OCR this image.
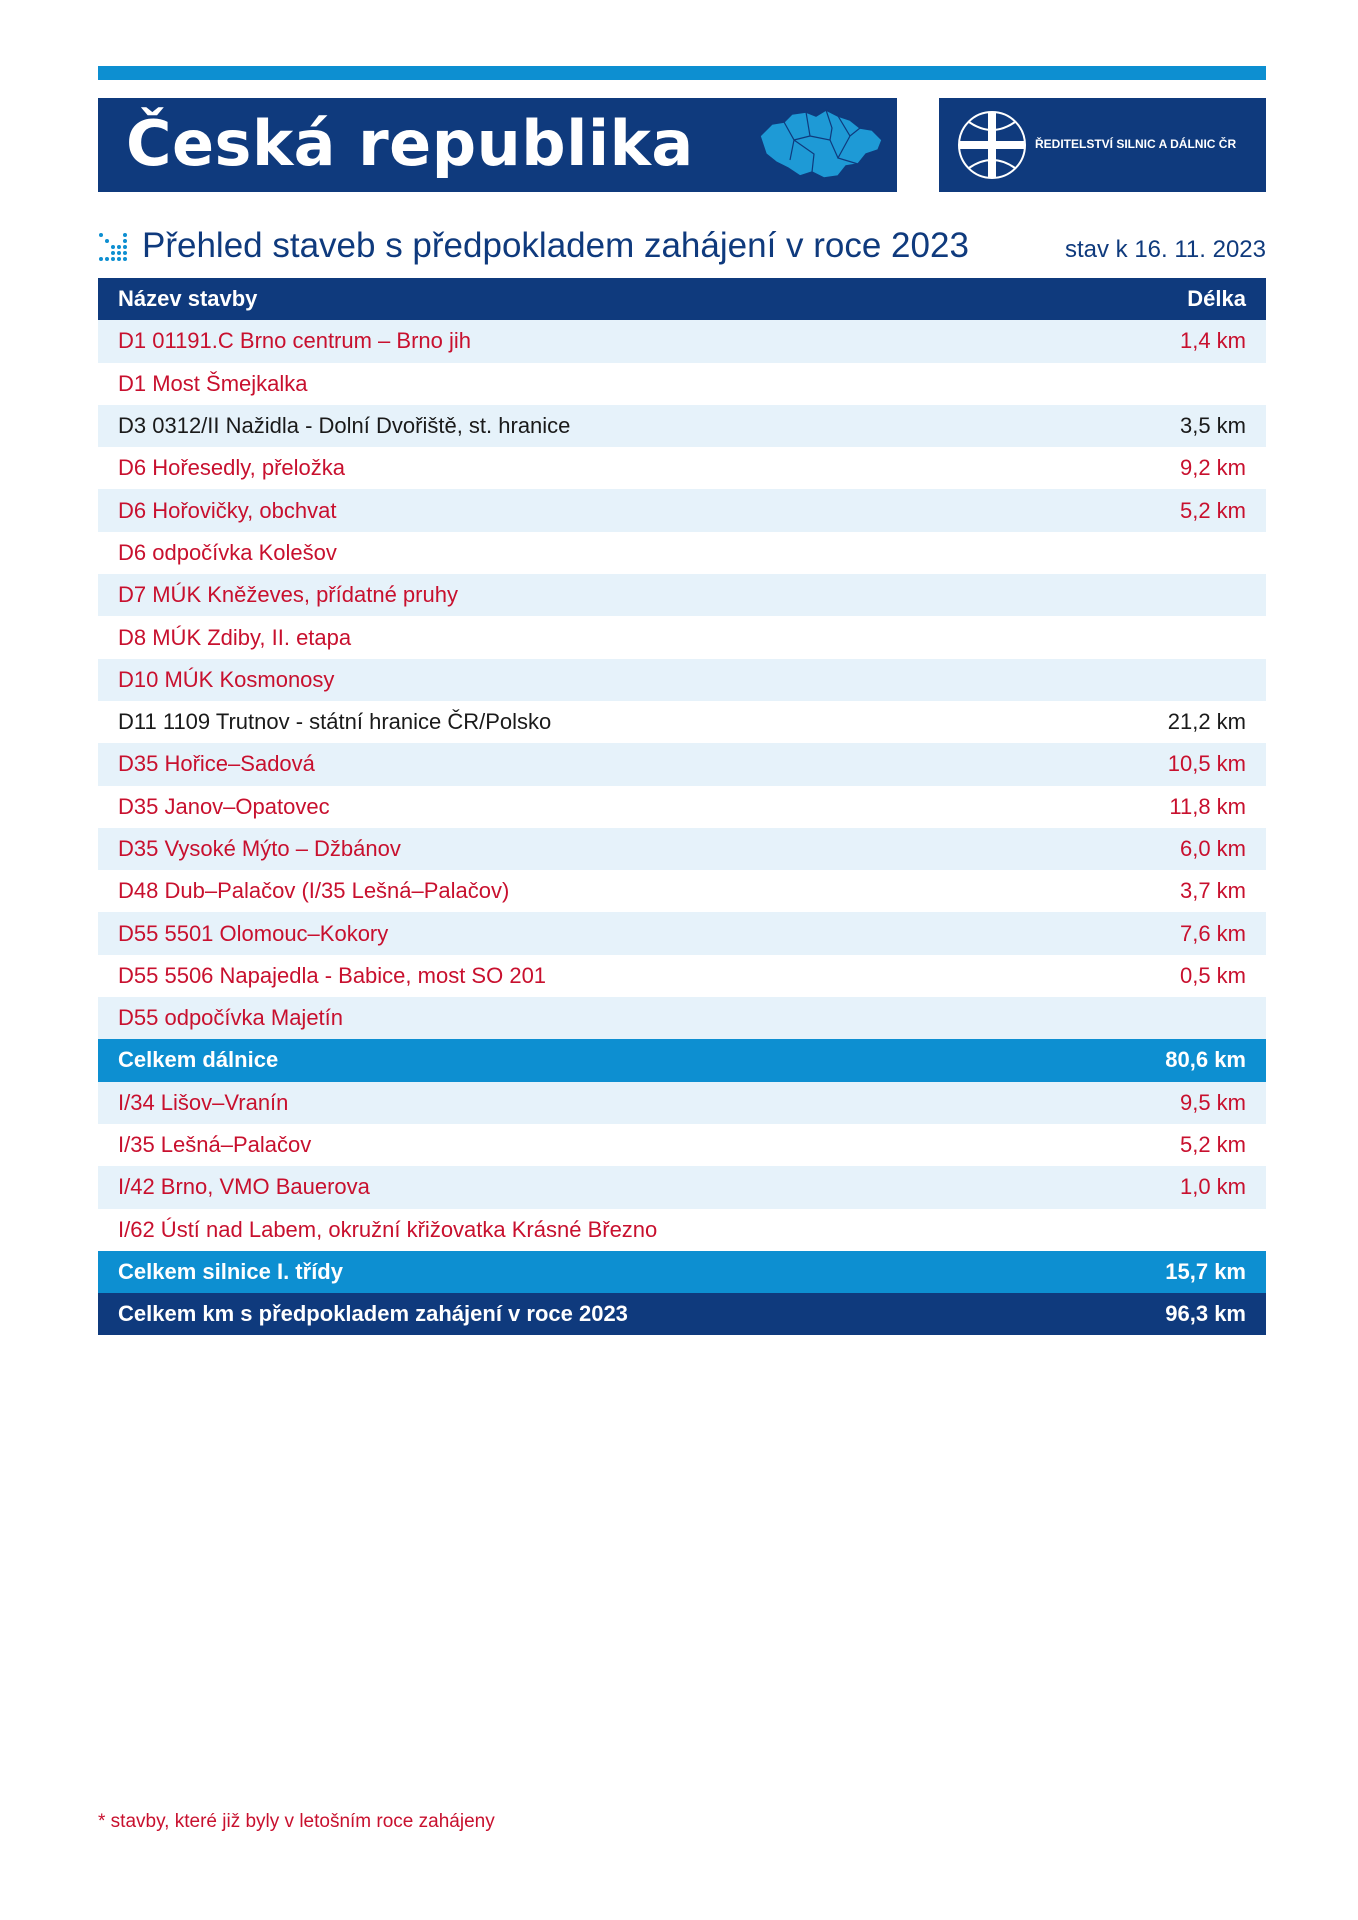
Česká republika	ŘEDITELSTVÍ SILNIC A DÁLNIC ČR
Přehled staveb s předpokladem zahájení v roce 2023	stav k 16. 11. 2023
Název stavby	Délka
D1 01191.C Brno centrum – Brno jih	1,4 km
D1 Most Šmejkalka
D3 0312/II Nažidla - Dolní Dvořiště, st. hranice	3,5 km
D6 Hořesedly, přeložka	9,2 km
D6 Hořovičky, obchvat	5,2 km
D6 odpočívka Kolešov
D7 MÚK Kněževes, přídatné pruhy
D8 MÚK Zdiby, II. etapa
D10 MÚK Kosmonosy
D11 1109 Trutnov - státní hranice ČR/Polsko	21,2 km
D35 Hořice–Sadová	10,5 km
D35 Janov–Opatovec	11,8 km
D35 Vysoké Mýto – Džbánov	6,0 km
D48 Dub–Palačov (I/35 Lešná–Palačov)	3,7 km
D55 5501 Olomouc–Kokory	7,6 km
D55 5506 Napajedla - Babice, most SO 201	0,5 km
D55 odpočívka Majetín
Celkem dálnice	80,6 km
I/34 Lišov–Vranín	9,5 km
I/35 Lešná–Palačov	5,2 km
I/42 Brno, VMO Bauerova	1,0 km
I/62 Ústí nad Labem, okružní křižovatka Krásné Březno
Celkem silnice I. třídy	15,7 km
Celkem km s předpokladem zahájení v roce 2023	96,3 km
* stavby, které již byly v letošním roce zahájeny
